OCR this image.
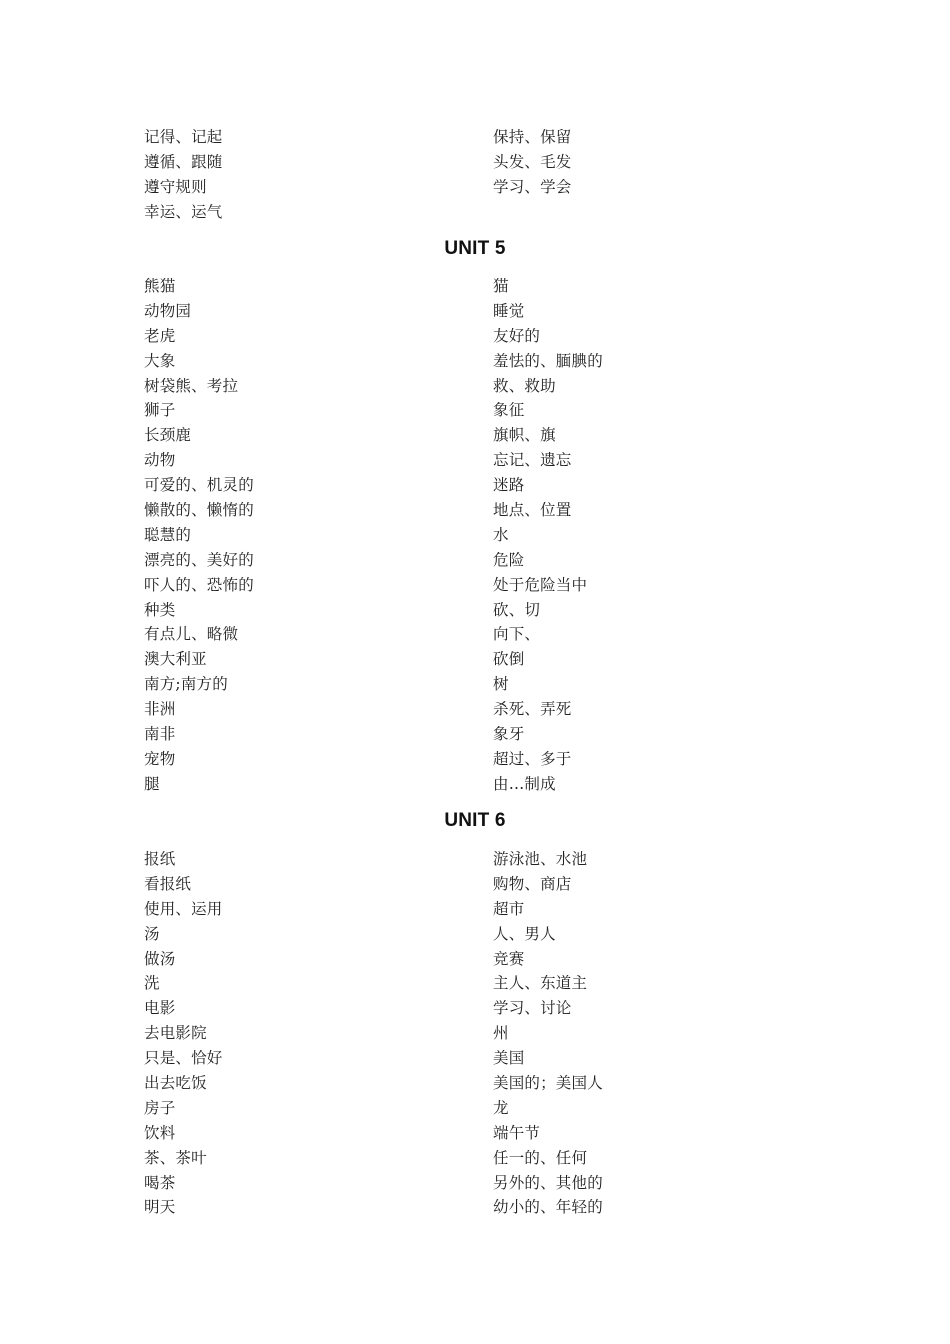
记得、记起	保持、保留
遵循、跟随	头发、毛发
遵守规则	学习、学会
幸运、运气
UNIT 5
熊猫	猫
动物园	睡觉
老虎	友好的
大象	羞怯的、腼腆的
树袋熊、考拉	救、救助
狮子	象征
长颈鹿	旗帜、旗
动物	忘记、遗忘
可爱的、机灵的	迷路
懒散的、懒惰的	地点、位置
聪慧的	水
漂亮的、美好的	危险
吓人的、恐怖的	处于危险当中
种类	砍、切
有点儿、略微	向下、
澳大利亚	砍倒
南方;南方的	树
非洲	杀死、弄死
南非	象牙
宠物	超过、多于
腿	由…制成
UNIT 6
报纸	游泳池、水池
看报纸	购物、商店
使用、运用	超市
汤	人、男人
做汤	竞赛
洗	主人、东道主
电影	学习、讨论
去电影院	州
只是、恰好	美国
出去吃饭	美国的；美国人
房子	龙
饮料	端午节
茶、茶叶	任一的、任何
喝茶	另外的、其他的
明天	幼小的、年轻的
